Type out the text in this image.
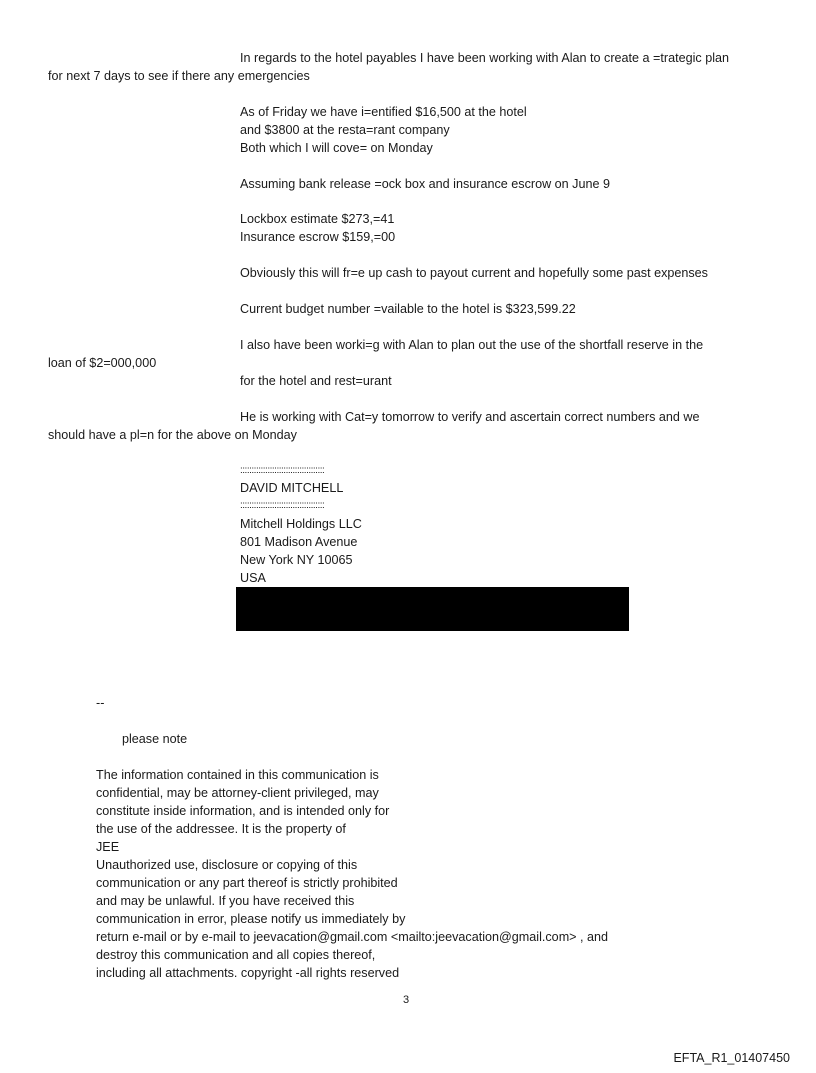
In regards to the hotel payables I have been working with Alan to create a =trategic plan
for next 7 days to see if there any emergencies
As of Friday we have i=entified $16,500 at the hotel
and $3800 at the resta=rant company
Both which I will cove= on Monday
Assuming bank release =ock box and insurance escrow on June 9
Lockbox estimate $273,=41
Insurance escrow $159,=00
Obviously this will fr=e up cash to payout current and hopefully some past expenses
Current budget number =vailable to the hotel is $323,599.22
I also have been worki=g with Alan to plan out the use of the shortfall reserve in the
loan of $2=000,000
for the hotel and rest=urant
He is working with Cat=y tomorrow to verify and ascertain correct numbers and we
should have a pl=n for the above on Monday
:::::::::::::::::::::::::::::::::::::
DAVID MITCHELL
:::::::::::::::::::::::::::::::::::::
Mitchell Holdings LLC
801 Madison Avenue
New York NY 10065
USA
--
please note
The information contained in this communication is
confidential, may be attorney-client privileged, may
constitute inside information, and is intended only for
the use of the addressee. It is the property of
JEE
Unauthorized use, disclosure or copying of this
communication or any part thereof is strictly prohibited
and may be unlawful. If you have received this
communication in error, please notify us immediately by
return e-mail or by e-mail to jeevacation@gmail.com <mailto:jeevacation@gmail.com> , and
destroy this communication and all copies thereof,
including all attachments. copyright -all rights reserved
3
EFTA_R1_01407450
